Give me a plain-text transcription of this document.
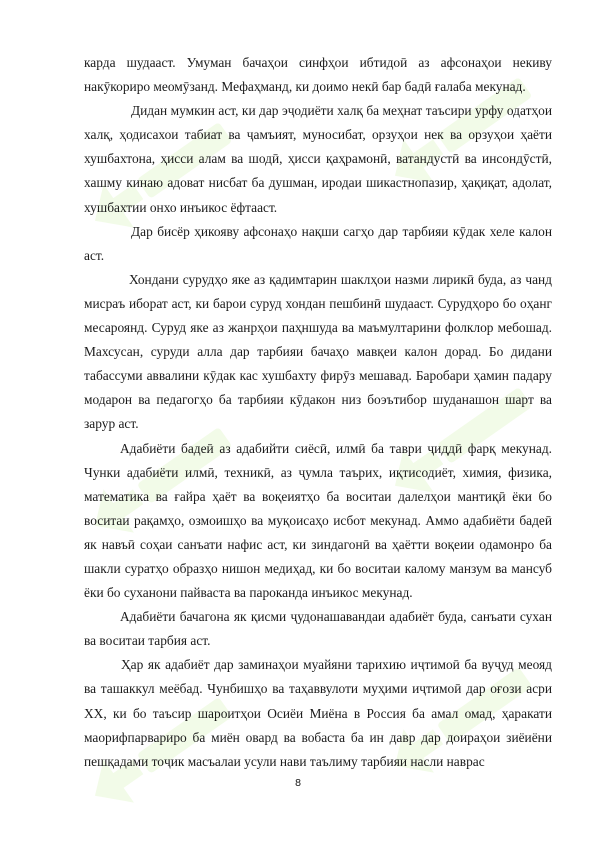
карда шудааст. Умуман бачаҳои синфҳои ибтидоӣ аз афсонаҳои некиву накӯкориро меомӯзанд. Мефаҳманд, ки доимо некӣ бар бадӣ ғалаба мекунад.

Дидан мумкин аст, ки дар эҷодиёти халқ ба меҳнат таъсири урфу одатҳои халқ, ҳодисахои табиат ва ҷамъият, муносибат, орзуҳои нек ва орзуҳои ҳаёти хушбахтона, ҳисси алам ва шодӣ, ҳисси қаҳрамонӣ, ватандустӣ ва инсондӯстӣ, хашму кинаю адоват нисбат ба душман, иродаи шикастнопазир, ҳақиқат, адолат, хушбахтии онхо инъикос ёфтааст.

Дар бисёр ҳикояву афсонаҳо нақши сагҳо дар тарбияи кӯдак хеле калон аст.

Хондани сурудҳо яке аз қадимтарин шаклҳои назми лирикӣ буда, аз чанд мисраъ иборат аст, ки барои суруд хондан пешбинӣ шудааст. Сурудҳоро бо оҳанг месароянд. Суруд яке аз жанрҳои паҳншуда ва маъмултарини фолклор мебошад. Махсусан, суруди алла дар тарбияи бачаҳо мавқеи калон дорад. Бо дидани табассуми аввалини кӯдак кас хушбахту фирӯз мешавад. Баробари ҳамин падару модарон ва педагогҳо ба тарбияи кӯдакон низ боэътибор шуданашон шарт ва зарур аст.

Адабиёти бадеӣ аз адабийти сиёсӣ, илмӣ ба таври ҷиддӣ фарқ мекунад. Чунки адабиёти илмӣ, техникӣ, аз ҷумла таърих, иқтисодиёт, химия, физика, математика ва ғайра ҳаёт ва воқеиятҳо ба воситаи далелҳои мантиқӣ ёки бо воситаи рақамҳо, озмоишҳо ва муқоисаҳо исбот мекунад. Аммо адабиёти бадеӣ як навъӣ соҳаи санъати нафис аст, ки зиндагонӣ ва ҳаётти воқеии одамонро ба шакли суратҳо образҳо нишон медиҳад, ки бо воситаи калому манзум ва мансуб ёки бо суханони пайваста ва пароканда инъикос мекунад.

Адабиёти бачагона як қисми ҷудонашавандаи адабиёт буда, санъати сухан ва воситаи тарбия аст.

Ҳар як адабиёт дар заминаҳои муайяни тарихию иҷтимоӣ ба вуҷуд меояд ва ташаккул меёбад. Чунбишҳо ва таҳаввулоти муҳими иҷтимоӣ дар оғози асри XX, ки бо таъсир шароитҳои Осиёи Миёна в Россия ба амал омад, ҳаракати маорифпарвариро ба миён овард ва вобаста ба ин давр дар доираҳои зиёиёни пешқадами тоҷик масъалаи усули нави таълиму тарбияи насли наврас

8
